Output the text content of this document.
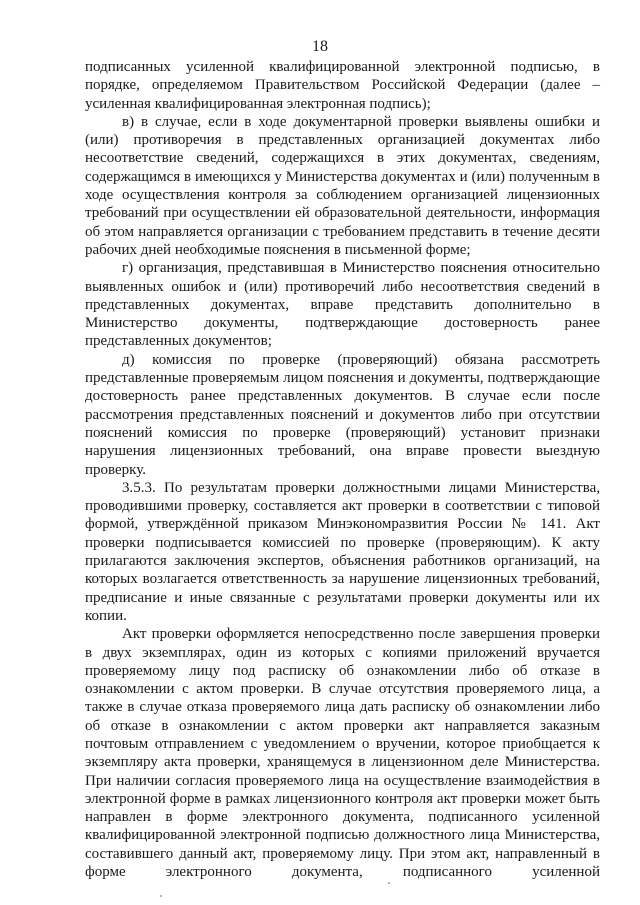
18

подписанных усиленной квалифицированной электронной подписью, в порядке, определяемом Правительством Российской Федерации (далее – усиленная квалифицированная электронная подпись);

в) в случае, если в ходе документарной проверки выявлены ошибки и (или) противоречия в представленных организацией документах либо несоответствие сведений, содержащихся в этих документах, сведениям, содержащимся в имеющихся у Министерства документах и (или) полученным в ходе осуществления контроля за соблюдением организацией лицензионных требований при осуществлении ей образовательной деятельности, информация об этом направляется организации с требованием представить в течение десяти рабочих дней необходимые пояснения в письменной форме;

г) организация, представившая в Министерство пояснения относительно выявленных ошибок и (или) противоречий либо несоответствия сведений в представленных документах, вправе представить дополнительно в Министерство документы, подтверждающие достоверность ранее представленных документов;

д) комиссия по проверке (проверяющий) обязана рассмотреть представленные проверяемым лицом пояснения и документы, подтверждающие достоверность ранее представленных документов. В случае если после рассмотрения представленных пояснений и документов либо при отсутствии пояснений комиссия по проверке (проверяющий) установит признаки нарушения лицензионных требований, она вправе провести выездную проверку.

3.5.3. По результатам проверки должностными лицами Министерства, проводившими проверку, составляется акт проверки в соответствии с типовой формой, утверждённой приказом Минэкономразвития России № 141. Акт проверки подписывается комиссией по проверке (проверяющим). К акту прилагаются заключения экспертов, объяснения работников организаций, на которых возлагается ответственность за нарушение лицензионных требований, предписание и иные связанные с результатами проверки документы или их копии.

Акт проверки оформляется непосредственно после завершения проверки в двух экземплярах, один из которых с копиями приложений вручается проверяемому лицу под расписку об ознакомлении либо об отказе в ознакомлении с актом проверки. В случае отсутствия проверяемого лица, а также в случае отказа проверяемого лица дать расписку об ознакомлении либо об отказе в ознакомлении с актом проверки акт направляется заказным почтовым отправлением с уведомлением о вручении, которое приобщается к экземпляру акта проверки, хранящемуся в лицензионном деле Министерства. При наличии согласия проверяемого лица на осуществление взаимодействия в электронной форме в рамках лицензионного контроля акт проверки может быть направлен в форме электронного документа, подписанного усиленной квалифицированной электронной подписью должностного лица Министерства, составившего данный акт, проверяемому лицу. При этом акт, направленный в форме электронного документа, подписанного усиленной
